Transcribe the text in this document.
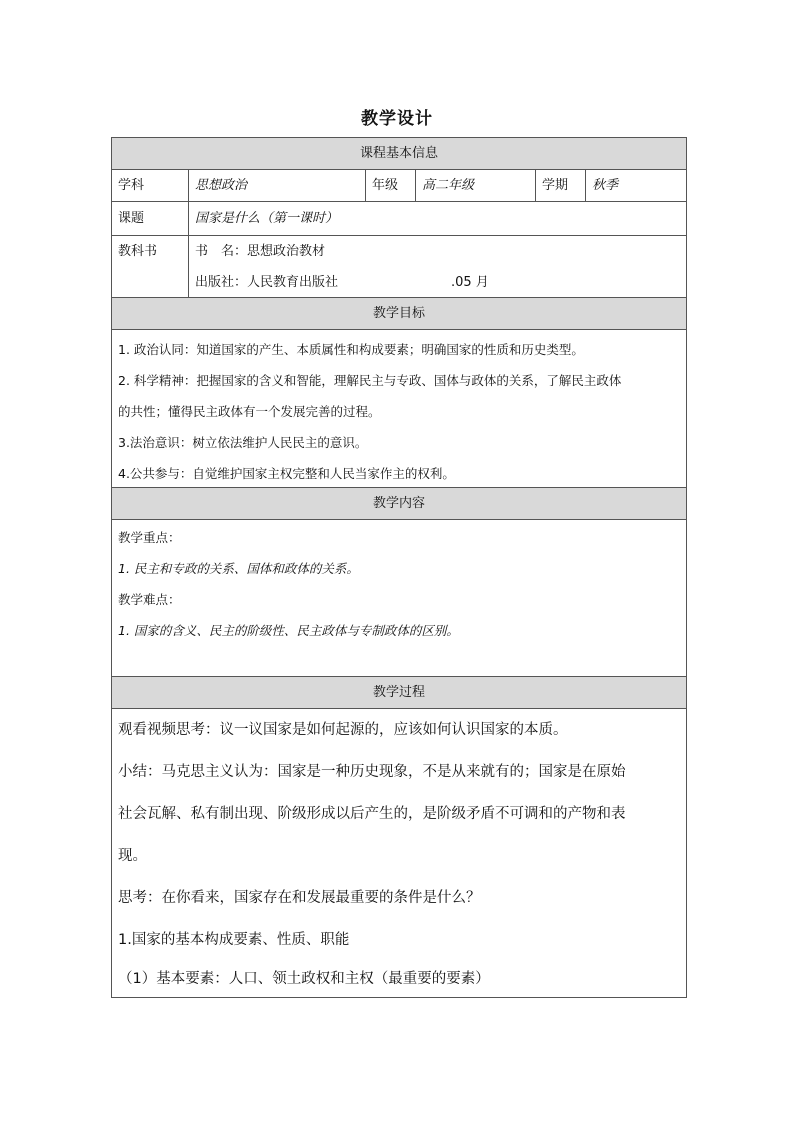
教学设计
课程基本信息
学科	思想政治	年级	高二年级	学期	秋季
课题	国家是什么（第一课时）
教科书	书　名：思想政治教材
出版社：人民教育出版社	.05 月
教学目标
1. 政治认同：知道国家的产生、本质属性和构成要素；明确国家的性质和历史类型。
2. 科学精神：把握国家的含义和智能，理解民主与专政、国体与政体的关系，了解民主政体
的共性；懂得民主政体有一个发展完善的过程。
3.法治意识：树立依法维护人民民主的意识。
4.公共参与：自觉维护国家主权完整和人民当家作主的权利。
教学内容
教学重点：
1. 民主和专政的关系、国体和政体的关系。
教学难点：
1. 国家的含义、民主的阶级性、民主政体与专制政体的区别。
教学过程
观看视频思考：议一议国家是如何起源的，应该如何认识国家的本质。
小结：马克思主义认为：国家是一种历史现象，不是从来就有的；国家是在原始
社会瓦解、私有制出现、阶级形成以后产生的，是阶级矛盾不可调和的产物和表
现。
思考：在你看来，国家存在和发展最重要的条件是什么？
1.国家的基本构成要素、性质、职能
（1）基本要素：人口、领土政权和主权（最重要的要素）
